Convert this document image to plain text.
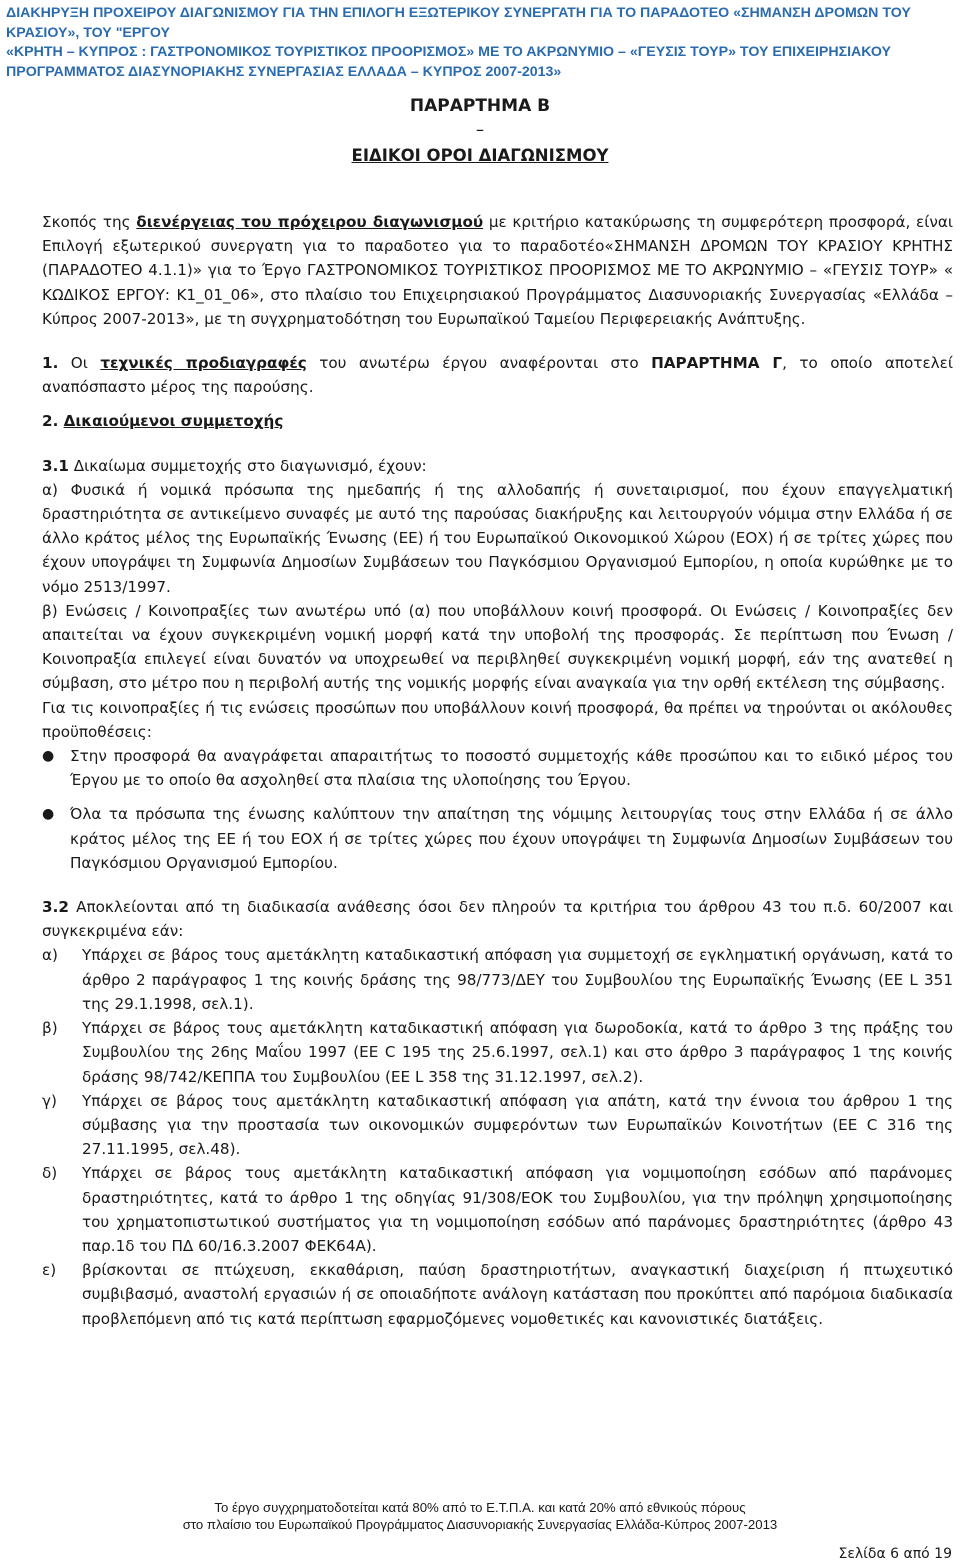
ΔΙΑΚΗΡΥΞΗ ΠΡΟΧΕΙΡΟΥ ΔΙΑΓΩΝΙΣΜΟΥ ΓΙΑ ΤΗΝ ΕΠΙΛΟΓΗ ΕΞΩΤΕΡΙΚΟΥ ΣΥΝΕΡΓΑΤΗ ΓΙΑ ΤΟ ΠΑΡΑΔΟΤΕΟ «ΣΗΜΑΝΣΗ ΔΡΟΜΩΝ ΤΟΥ
ΚΡΑΣΙΟΥ», ΤΟΥ "ΕΡΓΟΥ
«ΚΡΗΤΗ – ΚΥΠΡΟΣ : ΓΑΣΤΡΟΝΟΜΙΚΟΣ ΤΟΥΡΙΣΤΙΚΟΣ ΠΡΟΟΡΙΣΜΟΣ» ΜΕ ΤΟ ΑΚΡΩΝΥΜΙΟ – «ΓΕΥΣΙΣ ΤΟΥΡ» ΤΟΥ ΕΠΙΧΕΙΡΗΣΙΑΚΟΥ
ΠΡΟΓΡΑΜΜΑΤΟΣ ΔΙΑΣΥΝΟΡΙΑΚΗΣ ΣΥΝΕΡΓΑΣΙΑΣ ΕΛΛΑΔΑ – ΚΥΠΡΟΣ 2007-2013»
ΠΑΡΑΡΤΗΜΑ Β
_
ΕΙΔΙΚΟΙ ΟΡΟΙ ΔΙΑΓΩΝΙΣΜΟΥ

Σκοπός της διενέργειας του πρόχειρου διαγωνισμού με κριτήριο κατακύρωσης τη συμφερότερη προσφορά, είναι Επιλογή εξωτερικού συνεργατη για το παραδοτεο για το παραδοτέο«ΣΗΜΑΝΣΗ ΔΡΟΜΩΝ ΤΟΥ ΚΡΑΣΙΟΥ ΚΡΗΤΗΣ (ΠΑΡΑΔΟΤΕΟ 4.1.1)» για το Έργο ΓΑΣΤΡΟΝΟΜΙΚΟΣ ΤΟΥΡΙΣΤΙΚΟΣ ΠΡΟΟΡΙΣΜΟΣ ΜΕ ΤΟ ΑΚΡΩΝΥΜΙΟ – «ΓΕΥΣΙΣ ΤΟΥΡ» « ΚΩΔΙΚΟΣ ΕΡΓΟΥ: Κ1_01_06», στο πλαίσιο του Επιχειρησιακού Προγράμματος Διασυνοριακής Συνεργασίας «Ελλάδα – Κύπρος 2007-2013», με τη συγχρηματοδότηση του Ευρωπαϊκού Ταμείου Περιφερειακής Ανάπτυξης.

1. Οι τεχνικές προδιαγραφές του ανωτέρω έργου αναφέρονται στο ΠΑΡΑΡΤΗΜΑ Γ, το οποίο αποτελεί αναπόσπαστο μέρος της παρούσης.

2. Δικαιούμενοι συμμετοχής

3.1 Δικαίωμα συμμετοχής στο διαγωνισμό, έχουν:

α) Φυσικά ή νομικά πρόσωπα της ημεδαπής ή της αλλοδαπής ή συνεταιρισμοί, που έχουν επαγγελματική δραστηριότητα σε αντικείμενο συναφές με αυτό της παρούσας διακήρυξης και λειτουργούν νόμιμα στην Ελλάδα ή σε άλλο κράτος μέλος της Ευρωπαϊκής Ένωσης (ΕΕ) ή του Ευρωπαϊκού Οικονομικού Χώρου (ΕΟΧ) ή σε τρίτες χώρες που έχουν υπογράψει τη Συμφωνία Δημοσίων Συμβάσεων του Παγκόσμιου Οργανισμού Εμπορίου, η οποία κυρώθηκε με το νόμο 2513/1997.

β) Ενώσεις / Κοινοπραξίες των ανωτέρω υπό (α) που υποβάλλουν κοινή προσφορά. Οι Ενώσεις / Κοινοπραξίες δεν απαιτείται να έχουν συγκεκριμένη νομική μορφή κατά την υποβολή της προσφοράς. Σε περίπτωση που Ένωση / Κοινοπραξία επιλεγεί είναι δυνατόν να υποχρεωθεί να περιβληθεί συγκεκριμένη νομική μορφή, εάν της ανατεθεί η σύμβαση, στο μέτρο που η περιβολή αυτής της νομικής μορφής είναι αναγκαία για την ορθή εκτέλεση της σύμβασης.

Για τις κοινοπραξίες ή τις ενώσεις προσώπων που υποβάλλουν κοινή προσφορά, θα πρέπει να τηρούνται οι ακόλουθες προϋποθέσεις:

●	Στην προσφορά θα αναγράφεται απαραιτήτως το ποσοστό συμμετοχής κάθε προσώπου και το ειδικό μέρος του Έργου με το οποίο θα ασχοληθεί στα πλαίσια της υλοποίησης του Έργου.
●	Όλα τα πρόσωπα της ένωσης καλύπτουν την απαίτηση της νόμιμης λειτουργίας τους στην Ελλάδα ή σε άλλο κράτος μέλος της ΕΕ ή του ΕΟΧ ή σε τρίτες χώρες που έχουν υπογράψει τη Συμφωνία Δημοσίων Συμβάσεων του Παγκόσμιου Οργανισμού Εμπορίου.

3.2 Αποκλείονται από τη διαδικασία ανάθεσης όσοι δεν πληρούν τα κριτήρια του άρθρου 43 του π.δ. 60/2007 και συγκεκριμένα εάν:

α)	Υπάρχει σε βάρος τους αμετάκλητη καταδικαστική απόφαση για συμμετοχή σε εγκληματική οργάνωση, κατά το άρθρο 2 παράγραφος 1 της κοινής δράσης της 98/773/ΔΕΥ του Συμβουλίου της Ευρωπαϊκής Ένωσης (ΕΕ L 351 της 29.1.1998, σελ.1).
β)	Υπάρχει σε βάρος τους αμετάκλητη καταδικαστική απόφαση για δωροδοκία, κατά το άρθρο 3 της πράξης του Συμβουλίου της 26ης Μαΐου 1997 (ΕΕ C 195 της 25.6.1997, σελ.1) και στο άρθρο 3 παράγραφος 1 της κοινής δράσης 98/742/ΚΕΠΠΑ του Συμβουλίου (ΕΕ L 358 της 31.12.1997, σελ.2).
γ)	Υπάρχει σε βάρος τους αμετάκλητη καταδικαστική απόφαση για απάτη, κατά την έννοια του άρθρου 1 της σύμβασης για την προστασία των οικονομικών συμφερόντων των Ευρωπαϊκών Κοινοτήτων (ΕΕ C 316 της 27.11.1995, σελ.48).
δ)	Υπάρχει σε βάρος τους αμετάκλητη καταδικαστική απόφαση για νομιμοποίηση εσόδων από παράνομες δραστηριότητες, κατά το άρθρο 1 της οδηγίας 91/308/ΕΟΚ του Συμβουλίου, για την πρόληψη χρησιμοποίησης του χρηματοπιστωτικού συστήματος για τη νομιμοποίηση εσόδων από παράνομες δραστηριότητες (άρθρο 43 παρ.1δ του ΠΔ 60/16.3.2007 ΦΕΚ64Α).
ε)	βρίσκονται σε πτώχευση, εκκαθάριση, παύση δραστηριοτήτων, αναγκαστική διαχείριση ή πτωχευτικό συμβιβασμό, αναστολή εργασιών ή σε οποιαδήποτε ανάλογη κατάσταση που προκύπτει από παρόμοια διαδικασία προβλεπόμενη από τις κατά περίπτωση εφαρμοζόμενες νομοθετικές και κανονιστικές διατάξεις.
Το έργο συγχρηματοδοτείται κατά 80% από το Ε.Τ.Π.Α. και κατά 20% από εθνικούς πόρους
στο πλαίσιο του Ευρωπαϊκού Προγράμματος Διασυνοριακής Συνεργασίας Ελλάδα-Κύπρος 2007-2013
Σελίδα 6 από 19
